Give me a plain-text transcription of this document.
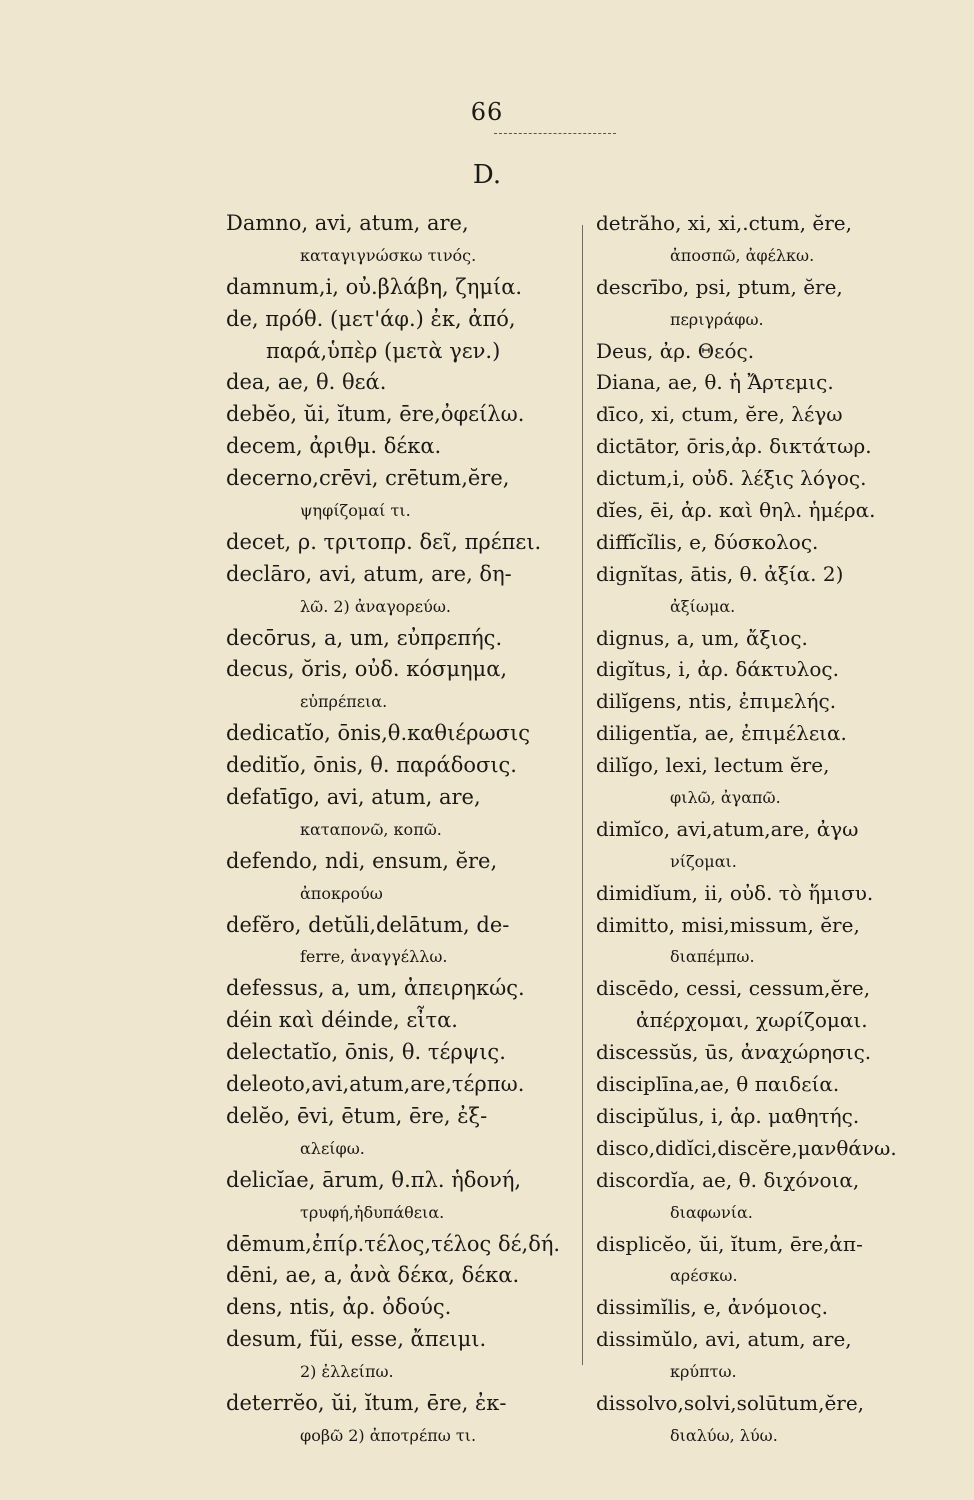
66
D.
Damno, avi, atum, are,
καταγιγνώσκω τινός.
damnum,i, οὐ.βλάβη, ζημία.
de, πρόθ. (μετ'άφ.) ἐκ, ἀπό,
παρά,ὑπὲρ (μετὰ γεν.)
dea, ae, θ. θεά.
debĕo, ŭi, ĭtum, ēre,ὀφείλω.
decem, ἀριθμ. δέκα.
decerno,crēvi, crētum,ĕre,
ψηφίζομαί τι.
decet, ρ. τριτοπρ. δεῖ, πρέπει.
declāro, avi, atum, are, δη-
λῶ. 2) ἀναγορεύω.
decōrus, a, um, εὐπρεπής.
decus, ŏris, οὐδ. κόσμημα,
εὐπρέπεια.
dedicatĭo, ōnis,θ.καθιέρωσις
deditĭo, ōnis, θ. παράδοσις.
defatīgo, avi, atum, are,
καταπονῶ, κοπῶ.
defendo, ndi, ensum, ĕre,
ἀποκρούω
defĕro, detŭli,delātum, de-
ferre, ἀναγγέλλω.
defessus, a, um, ἀπειρηκώς.
déin καὶ déinde, εἶτα.
delectatĭo, ōnis, θ. τέρψις.
deleoto,avi,atum,are,τέρπω.
delĕo, ēvi, ētum, ēre, ἐξ-
αλείφω.
delicĭae, ārum, θ.πλ. ἡδονή,
τρυφή,ἡδυπάθεια.
dēmum,ἐπίρ.τέλος,τέλος δέ,δή.
dēni, ae, a, ἀνὰ δέκα, δέκα.
dens, ntis, ἀρ. ὀδούς.
desum, fŭi, esse, ἄπειμι.
2) ἐλλείπω.
deterrĕo, ŭi, ĭtum, ēre, ἐκ-
φοβῶ 2) ἀποτρέπω τι.
detrăho, xi, xi,.ctum, ĕre,
ἀποσπῶ, ἀφέλκω.
descrībo, psi, ptum, ĕre,
περιγράφω.
Deus, ἀρ. Θεός.
Diana, ae, θ. ἡ Ἄρτεμις.
dīco, xi, ctum, ĕre, λέγω
dictātor, ōris,ἀρ. δικτάτωρ.
dictum,i, οὐδ. λέξις λόγος.
dĭes, ēi, ἀρ. καὶ θηλ. ἡμέρα.
diffĭcĭlis, e, δύσκολος.
dignĭtas, ātis, θ. ἀξία. 2)
ἀξίωμα.
dignus, a, um, ἄξιος.
digĭtus, i, ἀρ. δάκτυλος.
dilĭgens, ntis, ἐπιμελής.
diligentĭa, ae, ἐπιμέλεια.
dilĭgo, lexi, lectum ĕre,
φιλῶ, ἀγαπῶ.
dimĭco, avi,atum,are, ἀγω
νίζομαι.
dimidĭum, ii, οὐδ. τὸ ἥμισυ.
dimitto, misi,missum, ĕre,
διαπέμπω.
discēdo, cessi, cessum,ĕre,
ἀπέρχομαι, χωρίζομαι.
discessŭs, ūs, ἀναχώρησις.
disciplīna,ae, θ παιδεία.
discipŭlus, i, ἀρ. μαθητής.
disco,didĭci,discĕre,μανθάνω.
discordĭa, ae, θ. διχόνοια,
διαφωνία.
displicĕo, ŭi, ĭtum, ēre,ἀπ-
αρέσκω.
dissimĭlis, e, ἀνόμοιος.
dissimŭlo, avi, atum, are,
κρύπτω.
dissolvo,solvi,solūtum,ĕre,
διαλύω, λύω.
